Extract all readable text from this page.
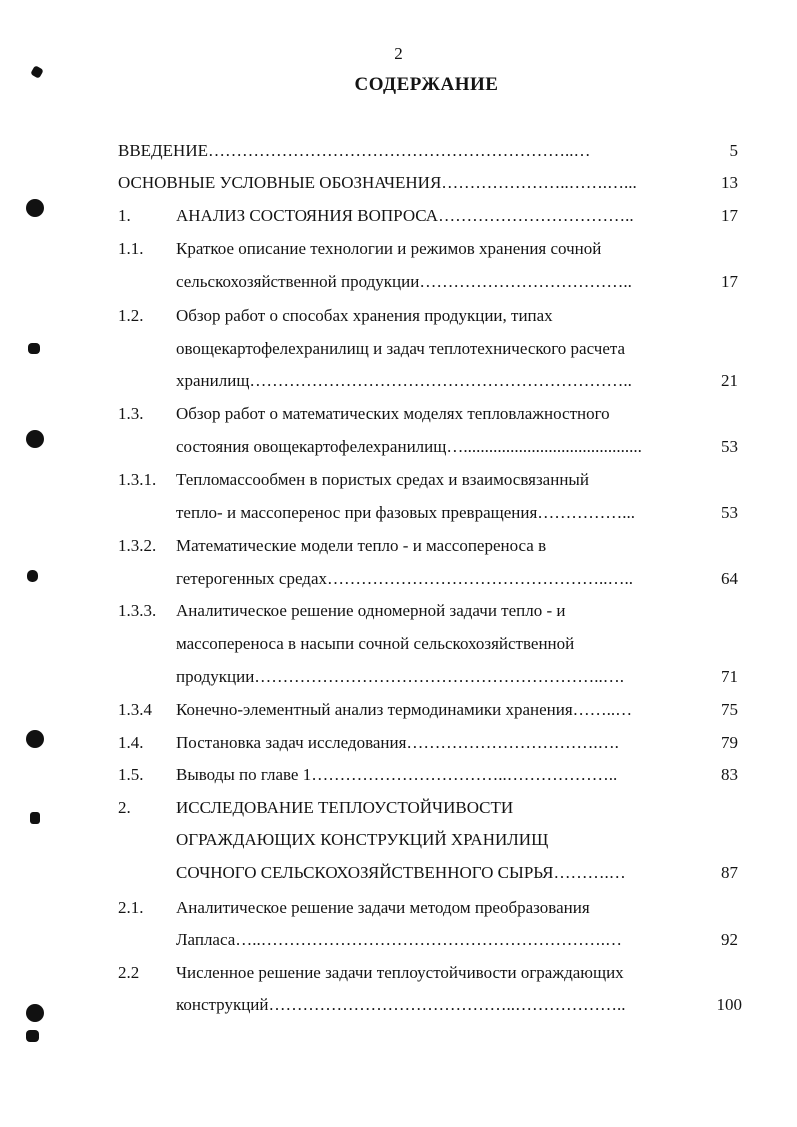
2
СОДЕРЖАНИЕ
ВВЕДЕНИЕ………………………………………………………..…	5
ОСНОВНЫЕ УСЛОВНЫЕ ОБОЗНАЧЕНИЯ…………………..…….…...	13
1.	АНАЛИЗ СОСТОЯНИЯ ВОПРОСА……………………………..	17
1.1. Краткое описание технологии и режимов хранения сочной
сельскохозяйственной продукции………………………………..	17
1.2. Обзор работ о способах хранения продукции, типах
овощекартофелехранилищ и задач теплотехнического расчета
хранилищ…………………………………………………………..	21
1.3. Обзор работ о математических моделях тепловлажностного
состояния овощекартофелехранилищ…..........................................	53
1.3.1. Тепломассообмен в пористых средах и взаимосвязанный
тепло- и массоперенос при фазовых превращения……………...	53
1.3.2. Математические модели тепло - и массопереноса в
гетерогенных средах…………………………………………..…..	64
1.3.3. Аналитическое решение одномерной задачи тепло - и
массопереноса в насыпи сочной сельскохозяйственной
продукции……………………………………………………..….	71
1.3.4 Конечно-элементный анализ термодинамики хранения……..…	75
1.4. Постановка задач исследования…………………………….….	79
1.5. Выводы по главе 1……………………………..………………..	83
2.	ИССЛЕДОВАНИЕ ТЕПЛОУСТОЙЧИВОСТИ
ОГРАЖДАЮЩИХ КОНСТРУКЦИЙ ХРАНИЛИЩ
СОЧНОГО СЕЛЬСКОХОЗЯЙСТВЕННОГО СЫРЬЯ……….…	87
2.1. Аналитическое решение задачи методом преобразования
Лапласа…..…………………………………………………….…	92
2.2 Численное решение задачи теплоустойчивости ограждающих
конструкций……………………………………..………………..	100
